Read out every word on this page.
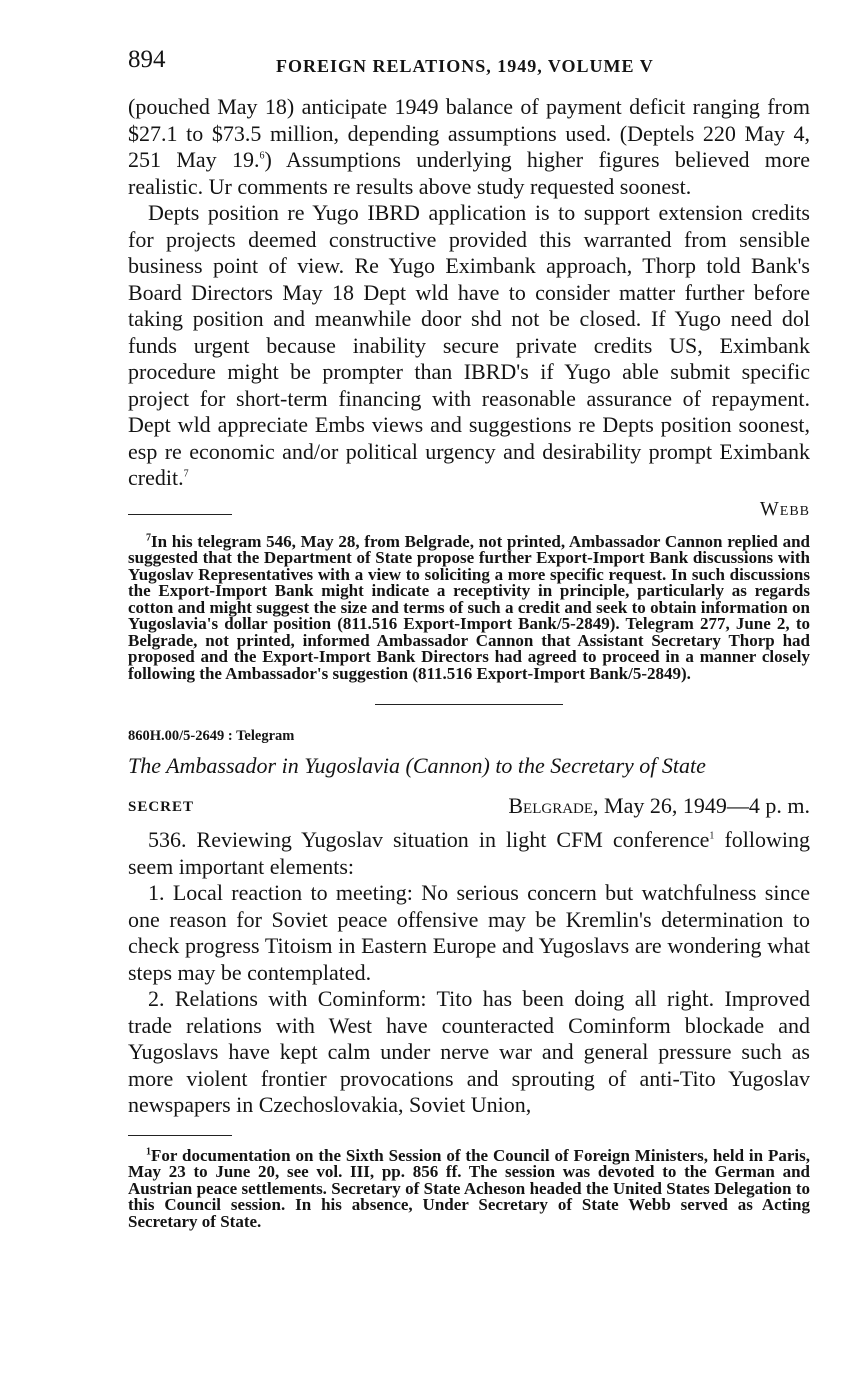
894	FOREIGN RELATIONS, 1949, VOLUME V

(pouched May 18) anticipate 1949 balance of payment deficit ranging from $27.1 to $73.5 million, depending assumptions used. (Deptels 220 May 4, 251 May 19.$^6$) Assumptions underlying higher figures believed more realistic. Ur comments re results above study requested soonest.

Depts position re Yugo IBRD application is to support extension credits for projects deemed constructive provided this warranted from sensible business point of view. Re Yugo Eximbank approach, Thorp told Bank's Board Directors May 18 Dept wld have to consider matter further before taking position and meanwhile door shd not be closed. If Yugo need dol funds urgent because inability secure private credits US, Eximbank procedure might be prompter than IBRD's if Yugo able submit specific project for short-term financing with reasonable assurance of repayment. Dept wld appreciate Embs views and suggestions re Depts position soonest, esp re economic and/or political urgency and desirability prompt Eximbank credit.$^7$

Webb

$^7$In his telegram 546, May 28, from Belgrade, not printed, Ambassador Cannon replied and suggested that the Department of State propose further Export-Import Bank discussions with Yugoslav Representatives with a view to soliciting a more specific request. In such discussions the Export-Import Bank might indicate a receptivity in principle, particularly as regards cotton and might suggest the size and terms of such a credit and seek to obtain information on Yugoslavia's dollar position (811.516 Export-Import Bank/5-2849). Telegram 277, June 2, to Belgrade, not printed, informed Ambassador Cannon that Assistant Secretary Thorp had proposed and the Export-Import Bank Directors had agreed to proceed in a manner closely following the Ambassador's suggestion (811.516 Export-Import Bank/5-2849).

860H.00/5-2649 : Telegram
The Ambassador in Yugoslavia (Cannon) to the Secretary of State
SECRET	Belgrade, May 26, 1949—4 p. m.

536. Reviewing Yugoslav situation in light CFM conference$^1$ following seem important elements:

1. Local reaction to meeting: No serious concern but watchfulness since one reason for Soviet peace offensive may be Kremlin's determination to check progress Titoism in Eastern Europe and Yugoslavs are wondering what steps may be contemplated.

2. Relations with Cominform: Tito has been doing all right. Improved trade relations with West have counteracted Cominform blockade and Yugoslavs have kept calm under nerve war and general pressure such as more violent frontier provocations and sprouting of anti-Tito Yugoslav newspapers in Czechoslovakia, Soviet Union,

$^1$For documentation on the Sixth Session of the Council of Foreign Ministers, held in Paris, May 23 to June 20, see vol. III, pp. 856 ff. The session was devoted to the German and Austrian peace settlements. Secretary of State Acheson headed the United States Delegation to this Council session. In his absence, Under Secretary of State Webb served as Acting Secretary of State.
